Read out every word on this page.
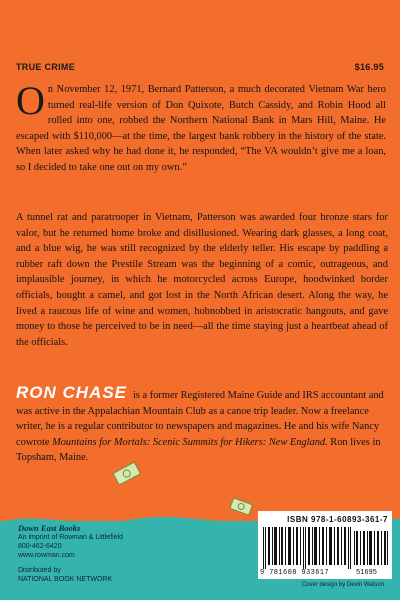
TRUE CRIME	$16.95
On November 12, 1971, Bernard Patterson, a much decorated Vietnam War hero turned real-life version of Don Quixote, Butch Cassidy, and Robin Hood all rolled into one, robbed the Northern National Bank in Mars Hill, Maine. He escaped with $110,000—at the time, the largest bank robbery in the history of the state. When later asked why he had done it, he responded, “The VA wouldn’t give me a loan, so I decided to take one out on my own.”
A tunnel rat and paratrooper in Vietnam, Patterson was awarded four bronze stars for valor, but he returned home broke and disillusioned. Wearing dark glasses, a long coat, and a blue wig, he was still recognized by the elderly teller. His escape by paddling a rubber raft down the Prestile Stream was the beginning of a comic, outrageous, and implausible journey, in which he motorcycled across Europe, hoodwinked border officials, bought a camel, and got lost in the North African desert. Along the way, he lived a raucous life of wine and women, hobnobbed in aristocratic hangouts, and gave money to those he perceived to be in need—all the time staying just a heartbeat ahead of the officials.
RON CHASE is a former Registered Maine Guide and IRS accountant and was active in the Appalachian Mountain Club as a canoe trip leader. Now a freelance writer, he is a regular contributor to newspapers and magazines. He and his wife Nancy cowrote Mountains for Mortals: Scenic Summits for Hikers: New England. Ron lives in Topsham, Maine.
Down East Books
An imprint of Rowman & Littlefield
800-462-6420
www.rowman.com
Distributed by
NATIONAL BOOK NETWORK
ISBN 978-1-60893-361-7
9 781608 933617	51695
Cover design by Devin Watson
